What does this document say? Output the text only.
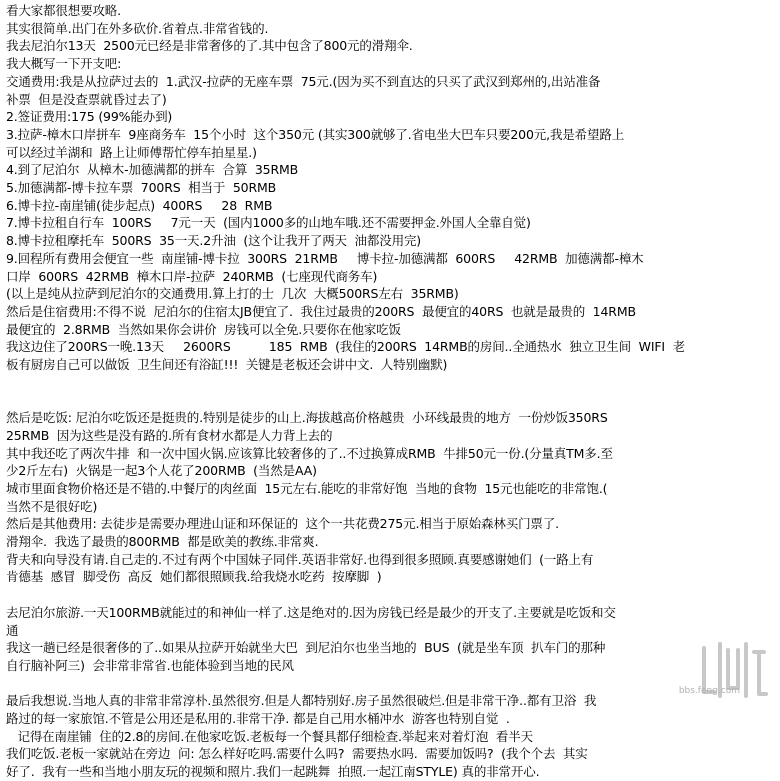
看大家都很想要攻略.
其实很简单.出门在外多砍价.省着点.非常省钱的.
我去尼泊尔13天  2500元已经是非常奢侈的了.其中包含了800元的滑翔伞.
我大概写一下开支吧:
交通费用:我是从拉萨过去的  1.武汉-拉萨的无座车票  75元.(因为买不到直达的只买了武汉到郑州的,出站准备
补票  但是没查票就昏过去了)
2.签证费用:175 (99%能办到)
3.拉萨-樟木口岸拼车  9座商务车  15个小时  这个350元 (其实300就够了.省电坐大巴车只要200元,我是希望路上
可以经过羊湖和  路上让师傅帮忙停车拍星星.)
4.到了尼泊尔  从樟木-加德满都的拼车  合算  35RMB
5.加德满都-博卡拉车票  700RS  相当于  50RMB
6.博卡拉-南崖铺(徒步起点)  400RS     28  RMB
7.博卡拉租自行车  100RS     7元一天  (国内1000多的山地车哦.还不需要押金.外国人全靠自觉)
8.博卡拉租摩托车  500RS  35一天.2升油  (这个让我开了两天  油都没用完)
9.回程所有费用会便宜一些  南崖铺-博卡拉  300RS  21RMB     博卡拉-加德满都  600RS     42RMB  加德满都-樟木
口岸  600RS  42RMB  樟木口岸-拉萨  240RMB  (七座现代商务车)
(以上是纯从拉萨到尼泊尔的交通费用.算上打的士  几次  大概500RS左右  35RMB)
然后是住宿费用:不得不说  尼泊尔的住宿太JB便宜了.  我住过最贵的200RS  最便宜的40RS  也就是最贵的  14RMB
最便宜的  2.8RMB  当然如果你会讲价  房钱可以全免.只要你在他家吃饭
我这边住了200RS一晚.13天     2600RS          185  RMB  (我住的200RS  14RMB的房间..全通热水  独立卫生间  WIFI  老
板有厨房自己可以做饭  卫生间还有浴缸!!!  关键是老板还会讲中文.  人特别幽默)
然后是吃饭: 尼泊尔吃饭还是挺贵的.特别是徒步的山上.海拔越高价格越贵  小环线最贵的地方  一份炒饭350RS
25RMB  因为这些是没有路的.所有食材水都是人力背上去的
其中我还吃了两次牛排  和一次中国火锅.应该算比较奢侈的了..不过换算成RMB  牛排50元一份.(分量真TM多.至
少2斤左右)  火锅是一起3个人花了200RMB  (当然是AA)
城市里面食物价格还是不错的.中餐厅的肉丝面  15元左右.能吃的非常好饱  当地的食物  15元也能吃的非常饱.(
当然不是很好吃)
然后是其他费用: 去徒步是需要办理进山证和环保证的  这个一共花费275元.相当于原始森林买门票了.
滑翔伞.  我选了最贵的800RMB  都是欧美的教练.非常爽.
背夫和向导没有请.自己走的.不过有两个中国妹子同伴.英语非常好.也得到很多照顾.真要感谢她们  (一路上有
肯德基  感冒  脚受伤  高反  她们都很照顾我.给我烧水吃药  按摩脚  )
去尼泊尔旅游.一天100RMB就能过的和神仙一样了.这是绝对的.因为房钱已经是最少的开支了.主要就是吃饭和交
通
我这一趟已经是很奢侈的了..如果从拉萨开始就坐大巴  到尼泊尔也坐当地的  BUS  (就是坐车顶  扒车门的那种
自行脑补阿三)  会非常非常省.也能体验到当地的民风
最后我想说.当地人真的非常非常淳朴.虽然很穷.但是人都特别好.房子虽然很破烂.但是非常干净..都有卫浴  我
路过的每一家旅馆.不管是公用还是私用的.非常干净. 都是自己用水桶冲水  游客也特别自觉  .
记得在南崖铺  住的2.8的房间.在他家吃饭.老板每一个餐具都仔细检查.举起来对着灯泡  看半天
我们吃饭.老板一家就站在旁边  问: 怎么样好吃吗.需要什么吗?  需要热水吗.  需要加饭吗?  (我个个去  其实
好了.  我有一些和当地小朋友玩的视频和照片.我们一起跳舞  拍照.一起江南STYLE) 真的非常开心.
bbs.feng.com
